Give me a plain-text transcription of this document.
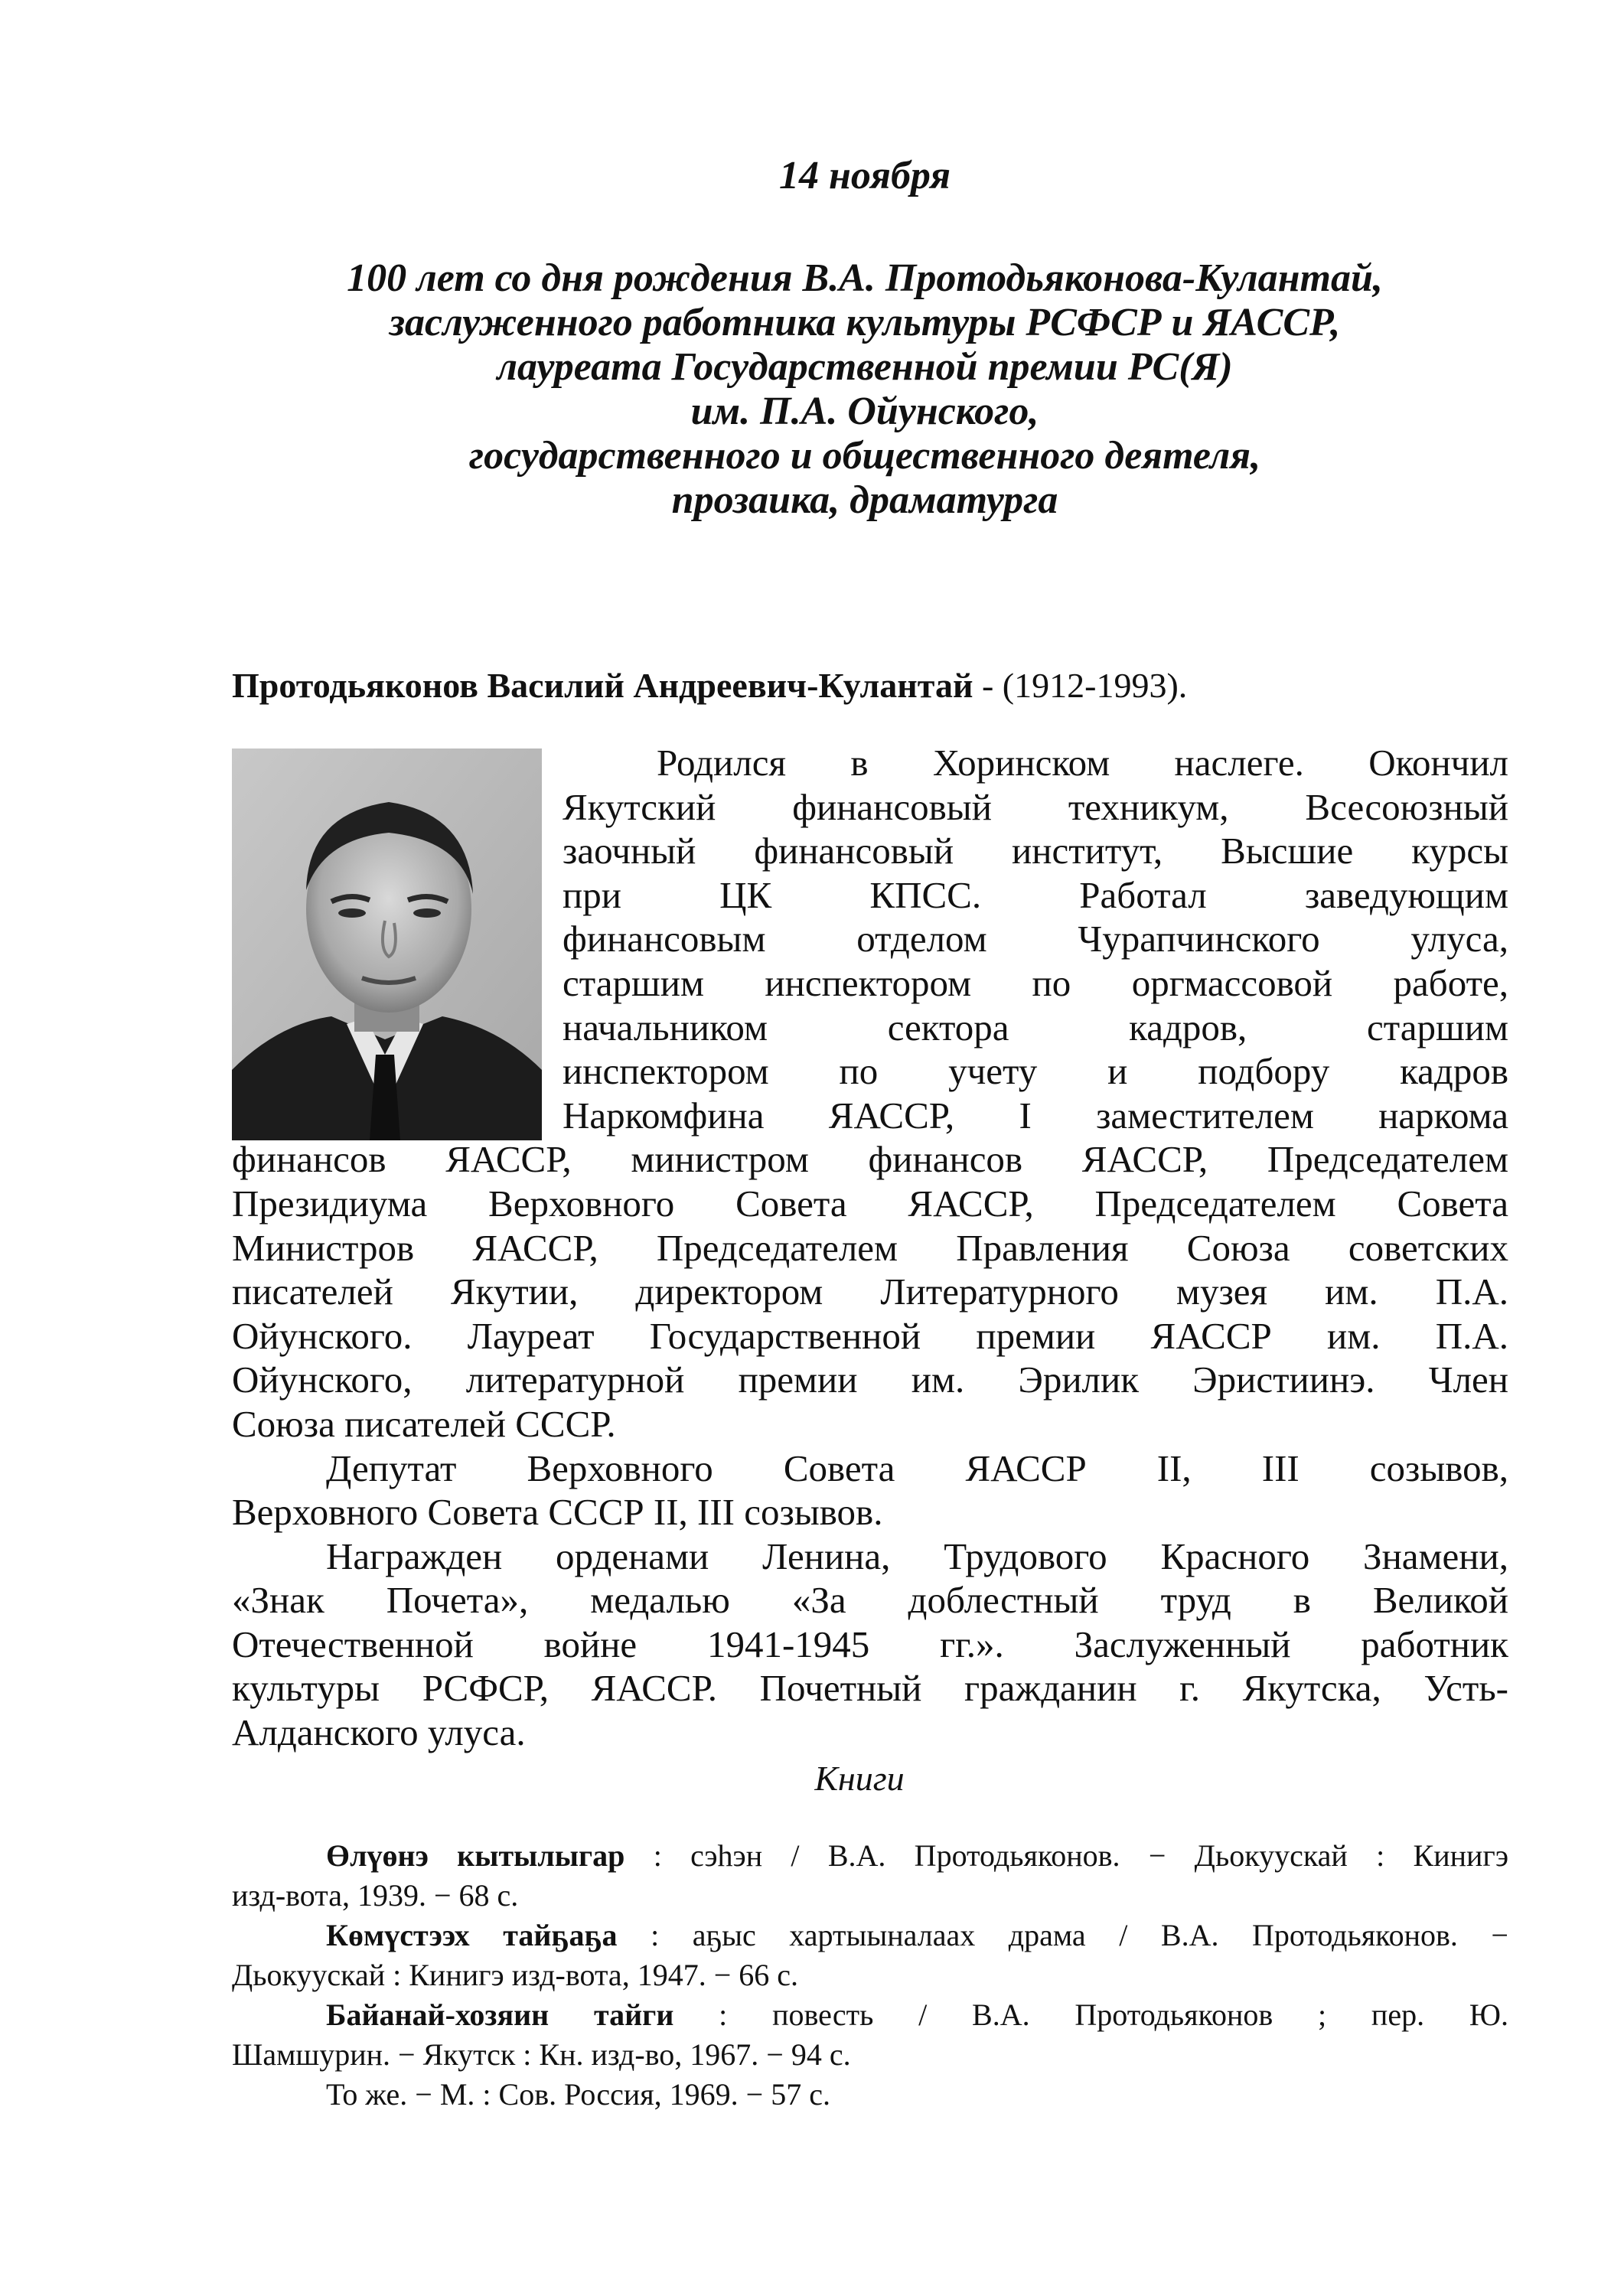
14 ноября
100 лет со дня рождения В.А. Протодьяконова-Кулантай,
заслуженного работника культуры РСФСР и ЯАССР,
лауреата Государственной премии РС(Я)
им. П.А. Ойунского,
государственного и общественного деятеля,
прозаика, драматурга
Протодьяконов Василий Андреевич-Кулантай - (1912-1993).
Родился в Хоринском наслеге. Окончил
Якутский финансовый техникум, Всесоюзный
заочный финансовый институт, Высшие курсы
при ЦК КПСС. Работал заведующим
финансовым отделом Чурапчинского улуса,
старшим инспектором по оргмассовой работе,
начальником сектора кадров, старшим
инспектором по учету и подбору кадров
Наркомфина ЯАССР, I заместителем наркома
финансов ЯАССР, министром финансов ЯАССР, Председателем
Президиума Верховного Совета ЯАССР, Председателем Совета
Министров ЯАССР, Председателем Правления Союза советских
писателей Якутии, директором Литературного музея им. П.А.
Ойунского. Лауреат Государственной премии ЯАССР им. П.А.
Ойунского, литературной премии им. Эрилик Эристиинэ. Член
Союза писателей СССР.
Депутат Верховного Совета ЯАССР II, III созывов,
Верховного Совета СССР II, III созывов.
Награжден орденами Ленина, Трудового Красного Знамени,
«Знак Почета», медалью «За доблестный труд в Великой
Отечественной войне 1941-1945 гг.». Заслуженный работник
культуры РСФСР, ЯАССР. Почетный гражданин г. Якутска, Усть-
Алданского улуса.
Книги
Өлүөнэ кытылыгар : сэһэн / В.А. Протодьяконов. − Дьокуускай : Кинигэ
изд-вота, 1939. − 68 с.
Көмүстээх тайҕаҕа : аҕыс хартыыналаах драма / В.А. Протодьяконов. −
Дьокуускай : Кинигэ изд-вота, 1947. − 66 с.
Байанай-хозяин тайги : повесть / В.А. Протодьяконов ; пер. Ю.
Шамшурин. − Якутск : Кн. изд-во, 1967. − 94 с.
То же. − М. : Сов. Россия, 1969. − 57 с.
